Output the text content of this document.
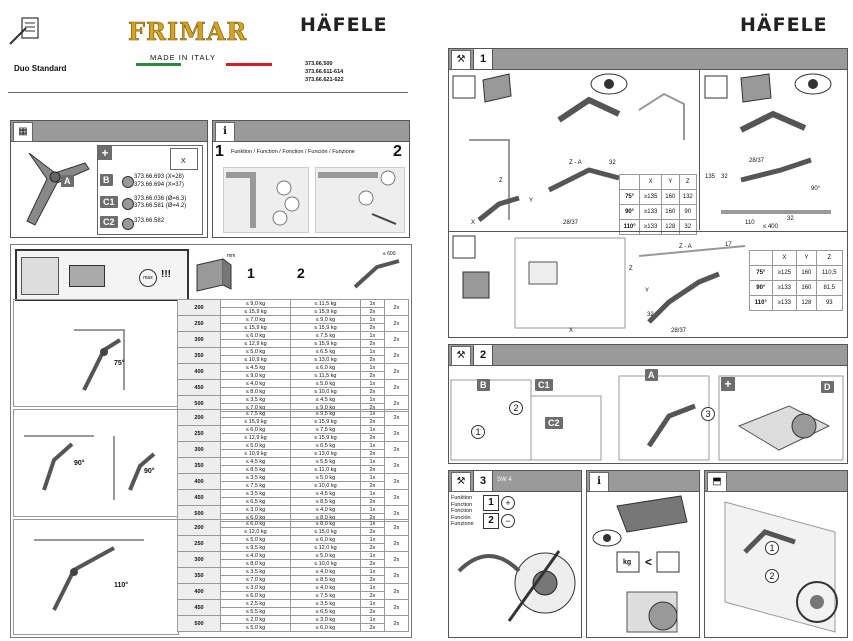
FRIMAR
MADE IN ITALY
HÄFELE
Duo Standard	373.66.500
373.66.611-614
373.66.621-622
▦
A
+
X
B	373.66.693 (X=28)
373.66.694 (X=37)
C1	373.66.036 (Ø=6.3)
373.66.581 (Ø=4.2)
C2	373.66.582
i
1 Funktion / Function / Fonction / Función / Funzione 2
max !!!
mm
1	2
≤ 600
75°
90°
90°
110°
200	≤ 9,0 kg	≤ 11,5 kg	1x	2x
	≤ 15,9 kg	≤ 15,9 kg	2x	
250	≤ 7,0 kg	≤ 9,0 kg	1x	2x
	≤ 15,9 kg	≤ 15,9 kg	2x	
300	≤ 6,0 kg	≤ 7,5 kg	1x	2x
	≤ 12,9 kg	≤ 15,9 kg	2x	
350	≤ 5,0 kg	≤ 6,5 kg	1x	2x
	≤ 10,9 kg	≤ 13,0 kg	2x	
400	≤ 4,5 kg	≤ 6,0 kg	1x	2x
	≤ 9,0 kg	≤ 11,5 kg	2x	
450	≤ 4,0 kg	≤ 5,0 kg	1x	2x
	≤ 8,0 kg	≤ 10,0 kg	2x	
500	≤ 3,5 kg	≤ 4,5 kg	1x	2x
	≤ 7,0 kg	≤ 9,0 kg	2x	
200	≤ 7,5 kg	≤ 9,5 kg	1x	2x
	≤ 15,9 kg	≤ 15,9 kg	2x	
250	≤ 6,0 kg	≤ 7,5 kg	1x	2x
	≤ 12,9 kg	≤ 15,9 kg	2x	
300	≤ 5,0 kg	≤ 6,5 kg	1x	2x
	≤ 10,9 kg	≤ 13,0 kg	2x	
350	≤ 4,5 kg	≤ 5,5 kg	1x	2x
	≤ 8,5 kg	≤ 11,0 kg	2x	
400	≤ 3,5 kg	≤ 5,0 kg	1x	2x
	≤ 7,5 kg	≤ 10,0 kg	2x	
450	≤ 3,5 kg	≤ 4,5 kg	1x	2x
	≤ 6,5 kg	≤ 8,5 kg	2x	
500	≤ 3,0 kg	≤ 4,0 kg	1x	2x
	≤ 6,0 kg	≤ 8,0 kg	2x	
200	≤ 6,0 kg	≤ 8,0 kg	1x	2x
	≤ 12,0 kg	≤ 15,0 kg	2x	
250	≤ 5,0 kg	≤ 6,0 kg	1x	2x
	≤ 9,5 kg	≤ 12,0 kg	2x	
300	≤ 4,0 kg	≤ 5,0 kg	1x	2x
	≤ 8,0 kg	≤ 10,0 kg	2x	
350	≤ 3,5 kg	≤ 4,0 kg	1x	2x
	≤ 7,0 kg	≤ 8,5 kg	2x	
400	≤ 3,0 kg	≤ 4,0 kg	1x	2x
	≤ 6,0 kg	≤ 7,5 kg	2x	
450	≤ 2,5 kg	≤ 3,5 kg	1x	2x
	≤ 5,5 kg	≤ 6,5 kg	2x	
500	≤ 2,0 kg	≤ 3,0 kg	1x	2x
	≤ 5,0 kg	≤ 6,0 kg	2x	
HÄFELE
⚒	1
Z - A	32
Z
Y
X	28/37
	X	Y	Z
75°	≥135	160	132
90°	≥133	160	90
110°	≥133	128	32
28/37
90°
110
32
≤ 400
135 32
Z - A	17
Z
Y
X
32
28/37
	X	Y	Z
75°	≥125	160	110,5
90°	≥133	160	81,5
110°	≥133	128	93
⚒	2
B	C1
C2
A
D
1
2
3
+
⚒	3	SW 4
Funktion
Function
Fonction
Función
Funzione
1	+
2	−
i
kg <
⬒
1
2
